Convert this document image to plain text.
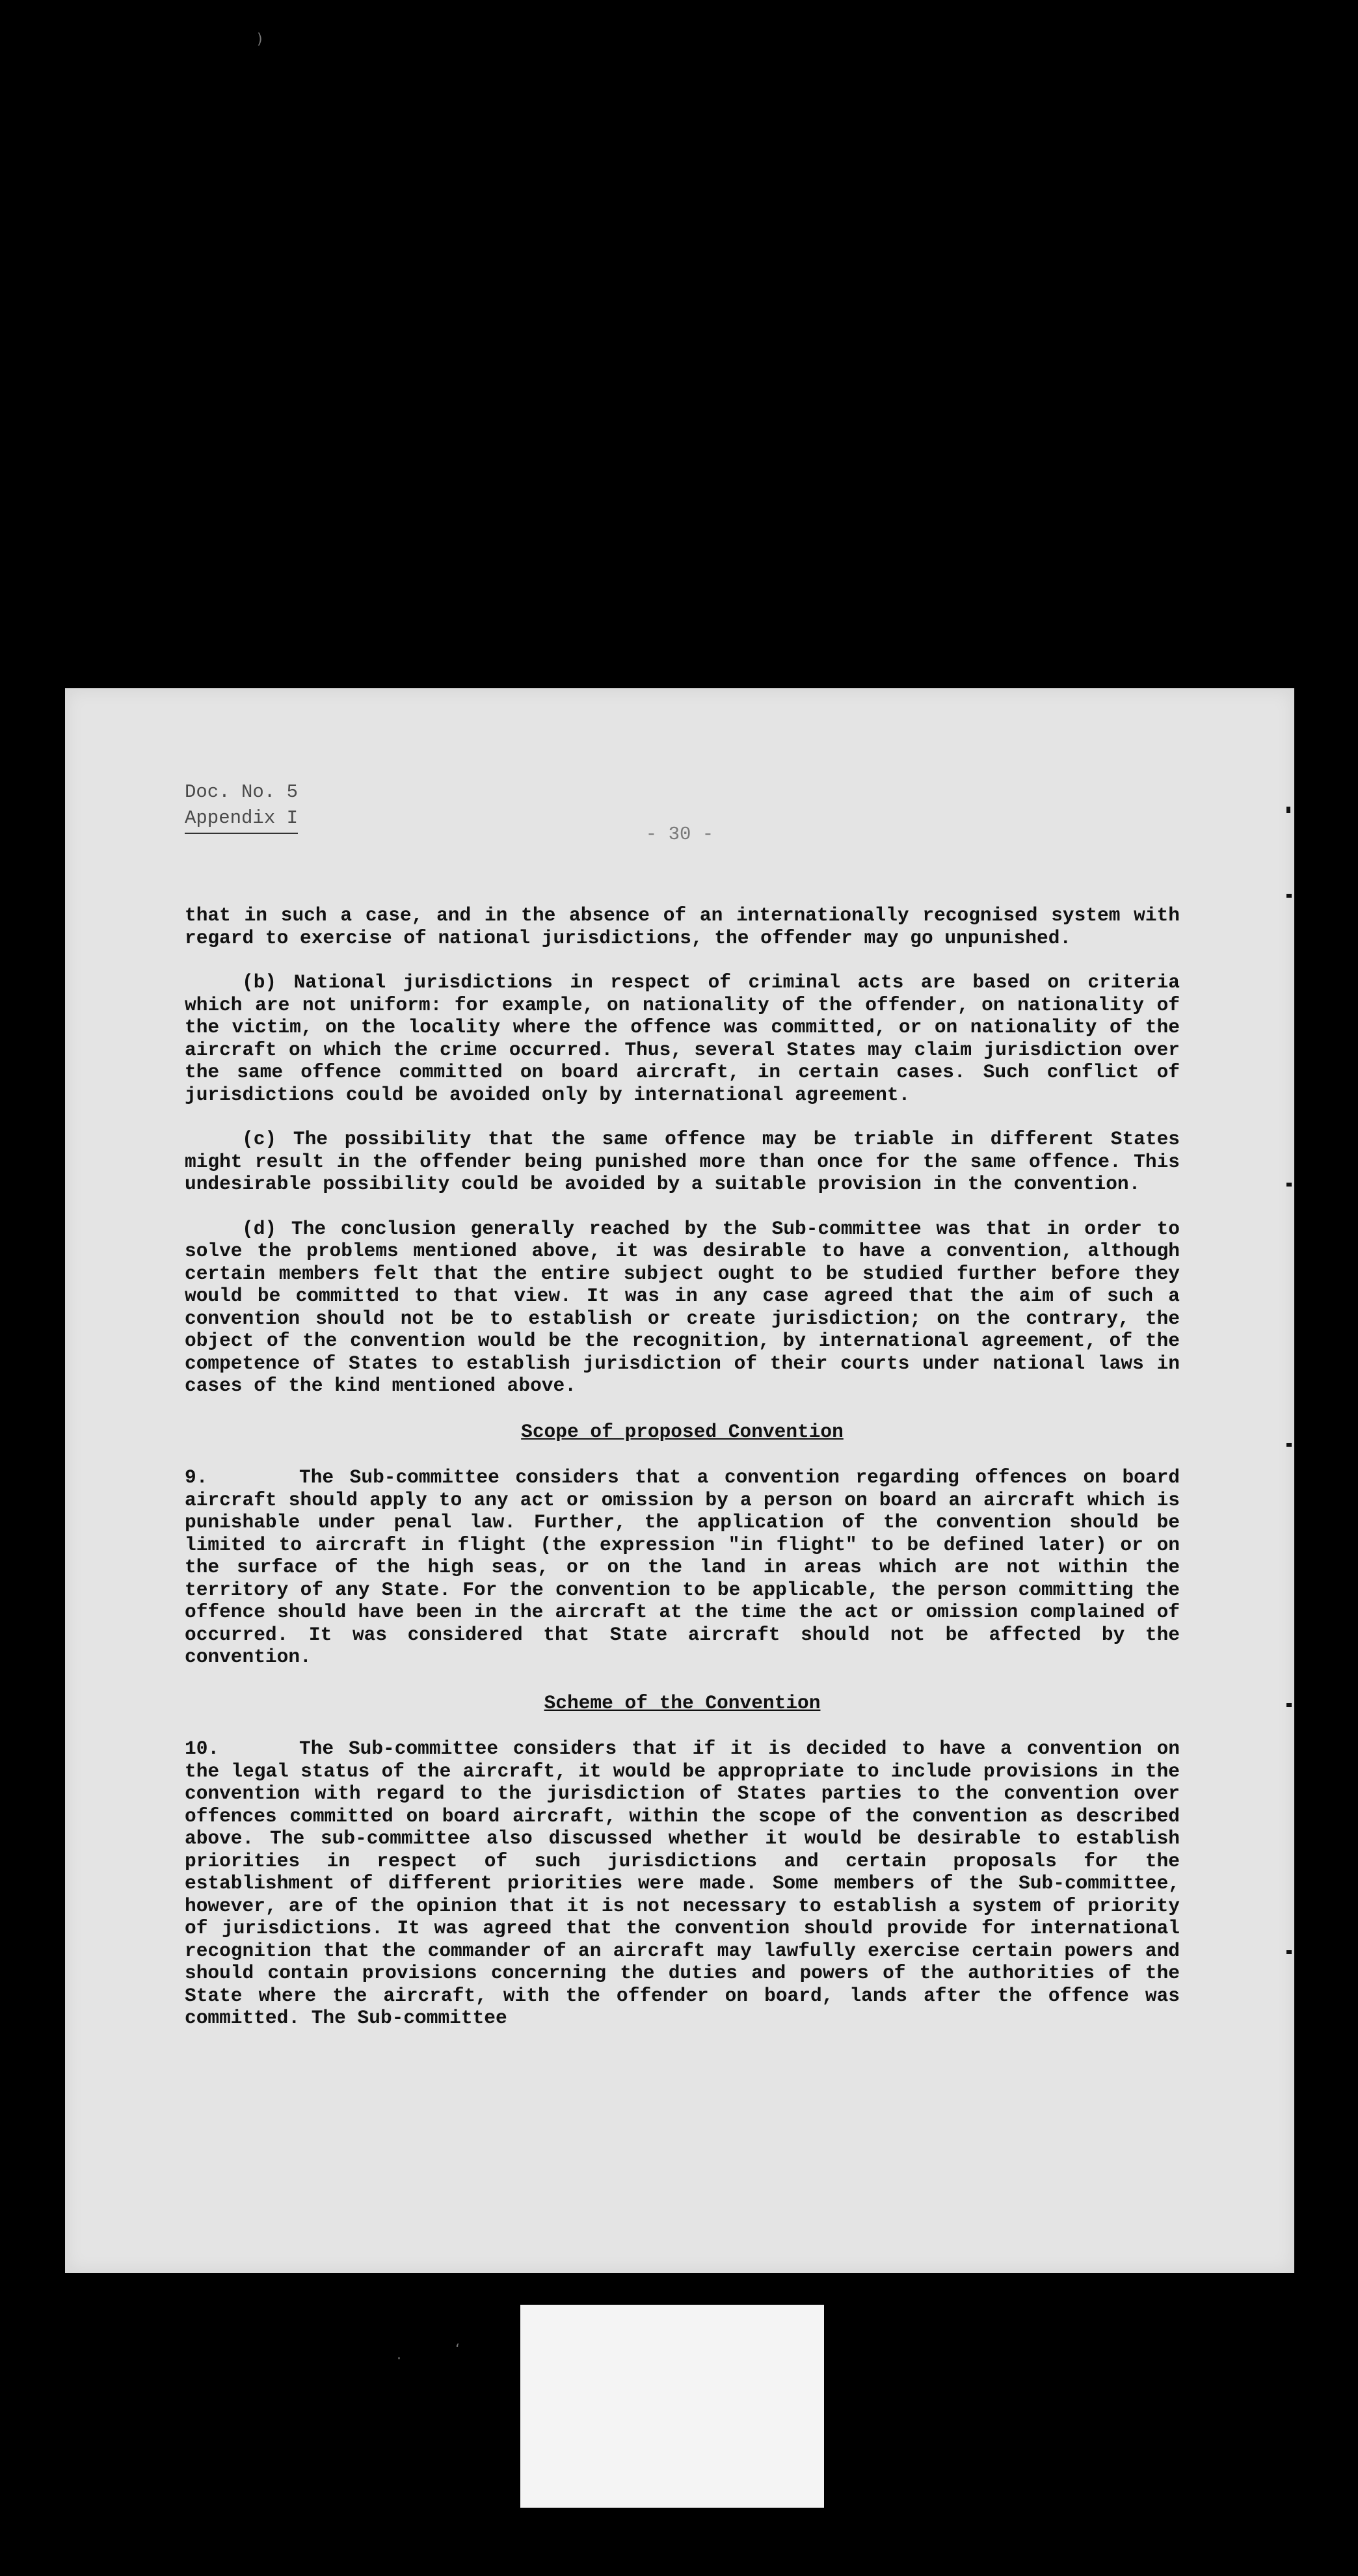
)
Doc. No. 5
Appendix I
- 30 -

that in such a case, and in the absence of an internationally recognised system with regard to exercise of national jurisdictions, the offender may go unpunished.

(b) National jurisdictions in respect of criminal acts are based on criteria which are not uniform: for example, on nationality of the offender, on nationality of the victim, on the locality where the offence was committed, or on nationality of the aircraft on which the crime occurred. Thus, several States may claim jurisdiction over the same offence committed on board aircraft, in certain cases. Such conflict of jurisdictions could be avoided only by international agreement.

(c) The possibility that the same offence may be triable in different States might result in the offender being punished more than once for the same offence. This undesirable possibility could be avoided by a suitable provision in the convention.

(d) The conclusion generally reached by the Sub-committee was that in order to solve the problems mentioned above, it was desirable to have a convention, although certain members felt that the entire subject ought to be studied further before they would be committed to that view. It was in any case agreed that the aim of such a convention should not be to establish or create jurisdiction; on the contrary, the object of the convention would be the recognition, by international agreement, of the competence of States to establish jurisdiction of their courts under national laws in cases of the kind mentioned above.

Scope of proposed Convention

9.	The Sub-committee considers that a convention regarding offences on board aircraft should apply to any act or omission by a person on board an aircraft which is punishable under penal law. Further, the application of the convention should be limited to aircraft in flight (the expression "in flight" to be defined later) or on the surface of the high seas, or on the land in areas which are not within the territory of any State. For the convention to be applicable, the person committing the offence should have been in the aircraft at the time the act or omission complained of occurred. It was considered that State aircraft should not be affected by the convention.

Scheme of the Convention

10.	The Sub-committee considers that if it is decided to have a convention on the legal status of the aircraft, it would be appropriate to include provisions in the convention with regard to the jurisdiction of States parties to the convention over offences committed on board aircraft, within the scope of the convention as described above. The sub-committee also discussed whether it would be desirable to establish priorities in respect of such jurisdictions and certain proposals for the establishment of different priorities were made. Some members of the Sub-committee, however, are of the opinion that it is not necessary to establish a system of priority of jurisdictions. It was agreed that the convention should provide for international recognition that the commander of an aircraft may lawfully exercise certain powers and should contain provisions concerning the duties and powers of the authorities of the State where the aircraft, with the offender on board, lands after the offence was committed. The Sub-committee

·
‘
